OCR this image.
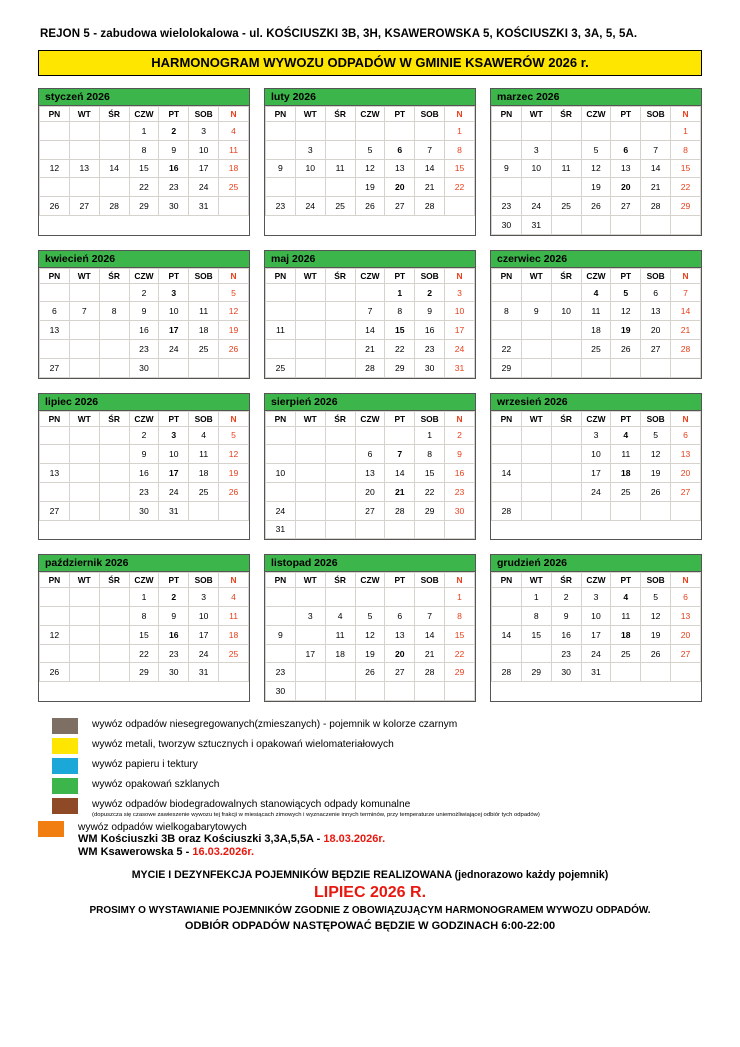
REJON 5 - zabudowa wielolokalowa - ul. KOŚCIUSZKI 3B, 3H, KSAWEROWSKA 5, KOŚCIUSZKI 3, 3A, 5, 5A.
HARMONOGRAM WYWOZU ODPADÓW W GMINIE KSAWERÓW 2026 r.
styczeń 2026
PN	WT	ŚR	CZW	PT	SOB	N
			1	2	3	4
5	6	7	8	9	10	11
12	13	14	15	16	17	18
19	20	21	22	23	24	25
26	27	28	29	30	31	
luty 2026
PN	WT	ŚR	CZW	PT	SOB	N
						1
2	3	4	5	6	7	8
9	10	11	12	13	14	15
16	17	18	19	20	21	22
23	24	25	26	27	28	
marzec 2026
PN	WT	ŚR	CZW	PT	SOB	N
						1
2	3	4	5	6	7	8
9	10	11	12	13	14	15
16	17	18	19	20	21	22
23	24	25	26	27	28	29
30	31					
kwiecień 2026
PN	WT	ŚR	CZW	PT	SOB	N
		1	2	3	4	5
6	7	8	9	10	11	12
13	14	15	16	17	18	19
20	21	22	23	24	25	26
27	28	29	30			
maj 2026
PN	WT	ŚR	CZW	PT	SOB	N
				1	2	3
4	5	6	7	8	9	10
11	12	13	14	15	16	17
18	19	20	21	22	23	24
25	26	27	28	29	30	31
czerwiec 2026
PN	WT	ŚR	CZW	PT	SOB	N
1	2	3	4	5	6	7
8	9	10	11	12	13	14
15	16	17	18	19	20	21
22	23	24	25	26	27	28
29	30					
lipiec 2026
PN	WT	ŚR	CZW	PT	SOB	N
		1	2	3	4	5
6	7	8	9	10	11	12
13	14	15	16	17	18	19
20	21	22	23	24	25	26
27	28	29	30	31		
sierpień 2026
PN	WT	ŚR	CZW	PT	SOB	N
					1	2
3	4	5	6	7	8	9
10	11	12	13	14	15	16
17	18	19	20	21	22	23
24	25	26	27	28	29	30
31						
wrzesień 2026
PN	WT	ŚR	CZW	PT	SOB	N
	1	2	3	4	5	6
7	8	9	10	11	12	13
14	15	16	17	18	19	20
21	22	23	24	25	26	27
28	29	30				
październik 2026
PN	WT	ŚR	CZW	PT	SOB	N
			1	2	3	4
5	6	7	8	9	10	11
12	13	14	15	16	17	18
19	20	21	22	23	24	25
26	27	28	29	30	31	
listopad 2026
PN	WT	ŚR	CZW	PT	SOB	N
						1
2	3	4	5	6	7	8
9	10	11	12	13	14	15
16	17	18	19	20	21	22
23	24	25	26	27	28	29
30						
grudzień 2026
PN	WT	ŚR	CZW	PT	SOB	N
	1	2	3	4	5	6
7	8	9	10	11	12	13
14	15	16	17	18	19	20
21	22	23	24	25	26	27
28	29	30	31			
wywóz odpadów niesegregowanych(zmieszanych) - pojemnik w kolorze czarnym
wywóz metali, tworzyw sztucznych i opakowań wielomateriałowych
wywóz papieru i tektury
wywóz opakowań szklanych
wywóz odpadów biodegradowalnych stanowiących odpady komunalne
(dopuszcza się czasowe zawieszenie wywozu tej frakcji w miesiącach zimowych i wyznaczenie innych terminów, przy temperaturze uniemożliwiającej odbiór tych odpadów)
wywóz odpadów wielkogabarytowych
WM Kościuszki 3B oraz Kościuszki 3,3A,5,5A - 18.03.2026r.
WM Ksawerowska 5 - 16.03.2026r.
MYCIE I DEZYNFEKCJA POJEMNIKÓW BĘDZIE REALIZOWANA (jednorazowo każdy pojemnik)
LIPIEC 2026 R.
PROSIMY O WYSTAWIANIE POJEMNIKÓW ZGODNIE Z OBOWIĄZUJĄCYM HARMONOGRAMEM WYWOZU ODPADÓW.
ODBIÓR ODPADÓW NASTĘPOWAĆ BĘDZIE W GODZINACH 6:00-22:00
